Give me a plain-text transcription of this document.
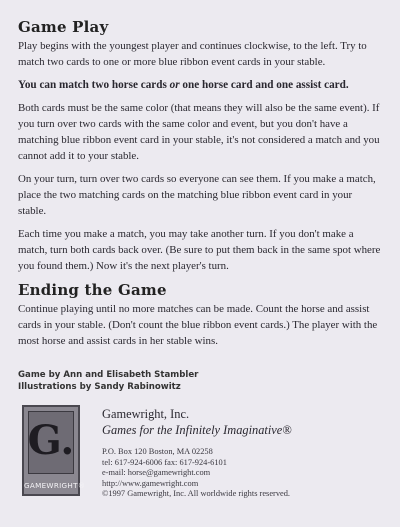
Game Play

Play begins with the youngest player and continues clockwise, to the left. Try to match two cards to one or more blue ribbon event cards in your stable.

You can match two horse cards or one horse card and one assist card.

Both cards must be the same color (that means they will also be the same event). If you turn over two cards with the same color and event, but you don't have a matching blue ribbon event card in your stable, it's not considered a match and you cannot add it to your stable.

On your turn, turn over two cards so everyone can see them. If you make a match, place the two matching cards on the matching blue ribbon event card in your stable.

Each time you make a match, you may take another turn. If you don't make a match, turn both cards back over. (Be sure to put them back in the same spot where you found them.) Now it's the next player's turn.

Ending the Game

Continue playing until no more matches can be made. Count the horse and assist cards in your stable. (Don't count the blue ribbon event cards.) The player with the most horse and assist cards in her stable wins.

Game by Ann and Elisabeth Stambler
Illustrations by Sandy Rabinowitz
G.
GAMEWRIGHT®
Gamewright, Inc.
Games for the Infinitely Imaginative®
P.O. Box 120 Boston, MA 02258
tel: 617-924-6006 fax: 617-924-6101
e-mail: horse@gamewright.com
http://www.gamewright.com
©1997 Gamewright, Inc. All worldwide rights reserved.
